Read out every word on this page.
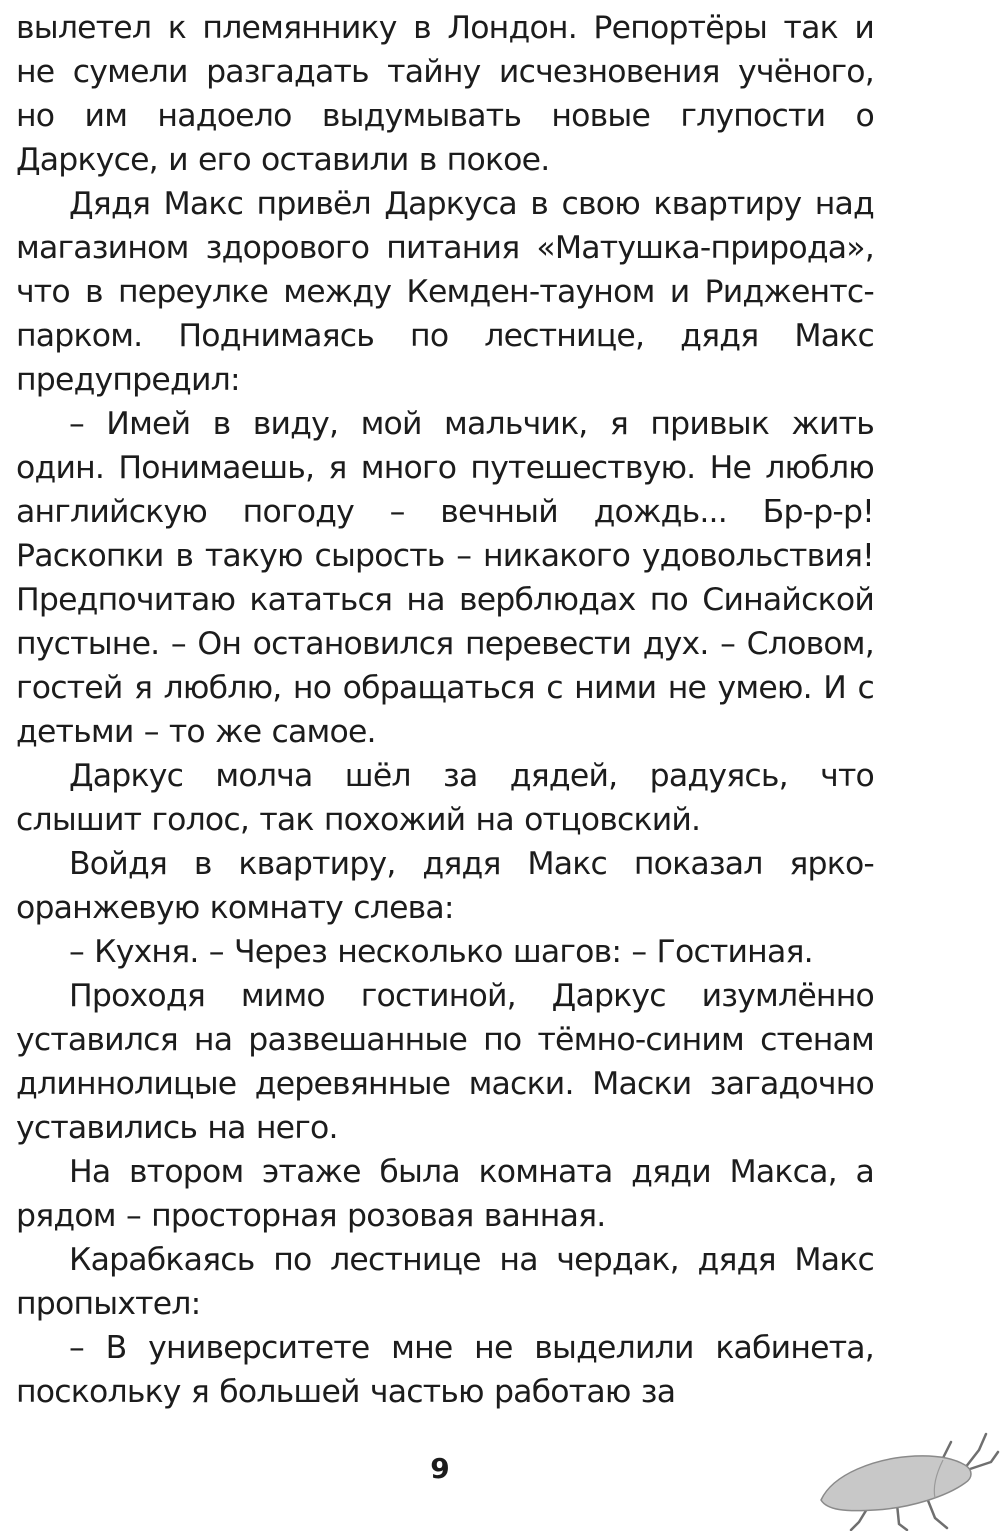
вылетел к племяннику в Лондон. Репортёры так и не сумели разгадать тайну исчезновения учёного, но им надоело выдумывать новые глупости о Даркусе, и его оставили в покое.

Дядя Макс привёл Даркуса в свою квартиру над магазином здорового питания «Матушка-природа», что в переулке между Кемден-тауном и Риджентс-парком. Поднимаясь по лестнице, дядя Макс предупредил:

– Имей в виду, мой мальчик, я привык жить один. Понимаешь, я много путешествую. Не люблю английскую погоду – вечный дождь... Бр-р-р! Раскопки в такую сырость – никакого удовольствия! Предпочитаю кататься на верблюдах по Синайской пустыне. – Он остановился перевести дух. – Словом, гостей я люблю, но обращаться с ними не умею. И с детьми – то же самое.

Даркус молча шёл за дядей, радуясь, что слышит голос, так похожий на отцовский.

Войдя в квартиру, дядя Макс показал ярко-оранжевую комнату слева:

– Кухня. – Через несколько шагов: – Гостиная.

Проходя мимо гостиной, Даркус изумлённо уставился на развешанные по тёмно-синим стенам длиннолицые деревянные маски. Маски загадочно уставились на него.

На втором этаже была комната дяди Макса, а рядом – просторная розовая ванная.

Карабкаясь по лестнице на чердак, дядя Макс пропыхтел:

– В университете мне не выделили кабинета, поскольку я большей частью работаю за

9
